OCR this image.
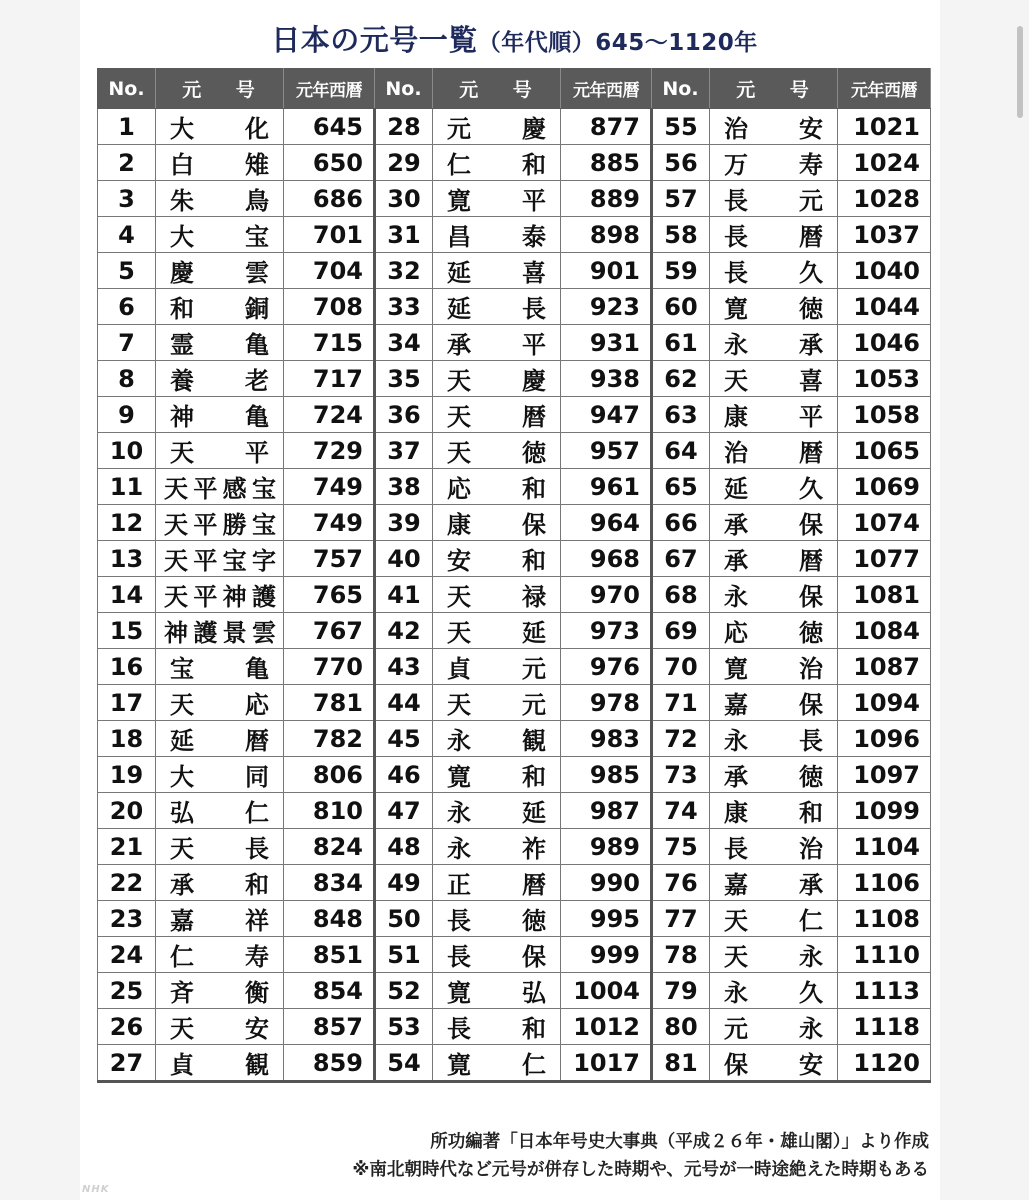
日本の元号一覧（年代順）645～1120年
No.	元 号	元年西暦	No.	元 号	元年西暦	No.	元 号	元年西暦
1	大　　化	645	28	元　　慶	877	55	治　　安	1021
2	白　　雉	650	29	仁　　和	885	56	万　　寿	1024
3	朱　　鳥	686	30	寛　　平	889	57	長　　元	1028
4	大　　宝	701	31	昌　　泰	898	58	長　　暦	1037
5	慶　　雲	704	32	延　　喜	901	59	長　　久	1040
6	和　　銅	708	33	延　　長	923	60	寛　　徳	1044
7	霊　　亀	715	34	承　　平	931	61	永　　承	1046
8	養　　老	717	35	天　　慶	938	62	天　　喜	1053
9	神　　亀	724	36	天　　暦	947	63	康　　平	1058
10	天　　平	729	37	天　　徳	957	64	治　　暦	1065
11	天平感宝	749	38	応　　和	961	65	延　　久	1069
12	天平勝宝	749	39	康　　保	964	66	承　　保	1074
13	天平宝字	757	40	安　　和	968	67	承　　暦	1077
14	天平神護	765	41	天　　禄	970	68	永　　保	1081
15	神護景雲	767	42	天　　延	973	69	応　　徳	1084
16	宝　　亀	770	43	貞　　元	976	70	寛　　治	1087
17	天　　応	781	44	天　　元	978	71	嘉　　保	1094
18	延　　暦	782	45	永　　観	983	72	永　　長	1096
19	大　　同	806	46	寛　　和	985	73	承　　徳	1097
20	弘　　仁	810	47	永　　延	987	74	康　　和	1099
21	天　　長	824	48	永　　祚	989	75	長　　治	1104
22	承　　和	834	49	正　　暦	990	76	嘉　　承	1106
23	嘉　　祥	848	50	長　　徳	995	77	天　　仁	1108
24	仁　　寿	851	51	長　　保	999	78	天　　永	1110
25	斉　　衡	854	52	寛　　弘	1004	79	永　　久	1113
26	天　　安	857	53	長　　和	1012	80	元　　永	1118
27	貞　　観	859	54	寛　　仁	1017	81	保　　安	1120
所功編著「日本年号史大事典（平成２６年・雄山閣）」より作成
※南北朝時代など元号が併存した時期や、元号が一時途絶えた時期もある
NHK
